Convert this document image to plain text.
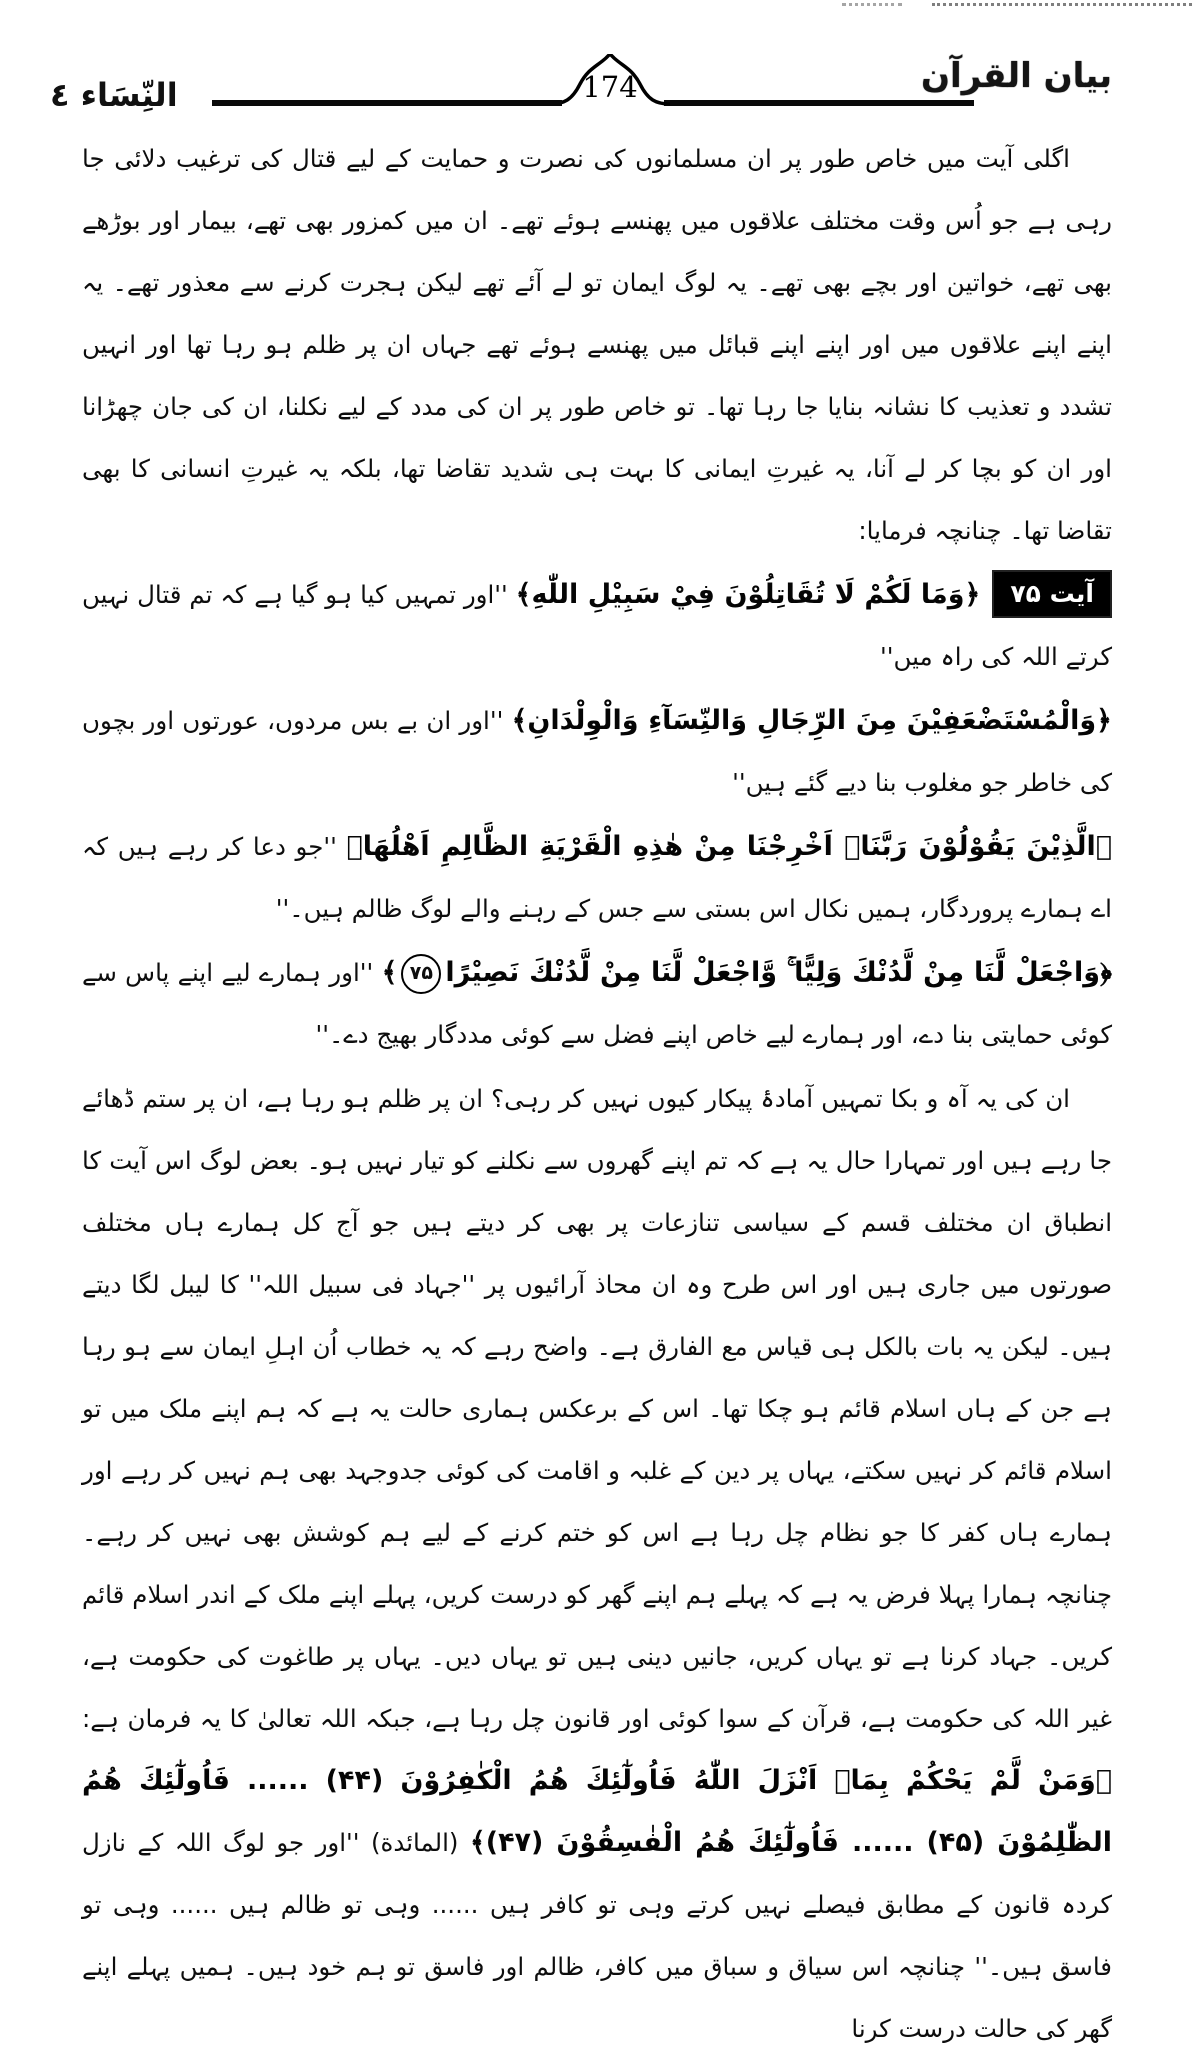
بیان القرآن
174
النِّسَاء ٤

اگلی آیت میں خاص طور پر ان مسلمانوں کی نصرت و حمایت کے لیے قتال کی ترغیب دلائی جا رہی ہے جو اُس وقت مختلف علاقوں میں پھنسے ہوئے تھے۔ ان میں کمزور بھی تھے، بیمار اور بوڑھے بھی تھے، خواتین اور بچے بھی تھے۔ یہ لوگ ایمان تو لے آئے تھے لیکن ہجرت کرنے سے معذور تھے۔ یہ اپنے اپنے علاقوں میں اور اپنے اپنے قبائل میں پھنسے ہوئے تھے جہاں ان پر ظلم ہو رہا تھا اور انہیں تشدد و تعذیب کا نشانہ بنایا جا رہا تھا۔ تو خاص طور پر ان کی مدد کے لیے نکلنا، ان کی جان چھڑانا اور ان کو بچا کر لے آنا، یہ غیرتِ ایمانی کا بہت ہی شدید تقاضا تھا، بلکہ یہ غیرتِ انسانی کا بھی تقاضا تھا۔ چنانچہ فرمایا:

آیت ۷۵﴿وَمَا لَكُمْ لَا تُقَاتِلُوْنَ فِيْ سَبِيْلِ اللّٰهِ﴾ ''اور تمہیں کیا ہو گیا ہے کہ تم قتال نہیں کرتے اللہ کی راہ میں''
﴿وَالْمُسْتَضْعَفِيْنَ مِنَ الرِّجَالِ وَالنِّسَآءِ وَالْوِلْدَانِ﴾ ''اور ان بے بس مردوں، عورتوں اور بچوں کی خاطر جو مغلوب بنا دیے گئے ہیں''
﴿الَّذِيْنَ يَقُوْلُوْنَ رَبَّنَاۤ اَخْرِجْنَا مِنْ هٰذِهِ الْقَرْيَةِ الظَّالِمِ اَهْلُهَا﴾ ''جو دعا کر رہے ہیں کہ اے ہمارے پروردگار، ہمیں نکال اس بستی سے جس کے رہنے والے لوگ ظالم ہیں۔''
﴿وَاجْعَلْ لَّنَا مِنْ لَّدُنْكَ وَلِيًّا ۚ وَّاجْعَلْ لَّنَا مِنْ لَّدُنْكَ نَصِيْرًا۷۵﴾ ''اور ہمارے لیے اپنے پاس سے کوئی حمایتی بنا دے، اور ہمارے لیے خاص اپنے فضل سے کوئی مددگار بھیج دے۔''

ان کی یہ آہ و بکا تمہیں آمادۂ پیکار کیوں نہیں کر رہی؟ ان پر ظلم ہو رہا ہے، ان پر ستم ڈھائے جا رہے ہیں اور تمہارا حال یہ ہے کہ تم اپنے گھروں سے نکلنے کو تیار نہیں ہو۔ بعض لوگ اس آیت کا انطباق ان مختلف قسم کے سیاسی تنازعات پر بھی کر دیتے ہیں جو آج کل ہمارے ہاں مختلف صورتوں میں جاری ہیں اور اس طرح وہ ان محاذ آرائیوں پر ''جہاد فی سبیل اللہ'' کا لیبل لگا دیتے ہیں۔ لیکن یہ بات بالکل ہی قیاس مع الفارق ہے۔ واضح رہے کہ یہ خطاب اُن اہلِ ایمان سے ہو رہا ہے جن کے ہاں اسلام قائم ہو چکا تھا۔ اس کے برعکس ہماری حالت یہ ہے کہ ہم اپنے ملک میں تو اسلام قائم کر نہیں سکتے، یہاں پر دین کے غلبہ و اقامت کی کوئی جدوجہد بھی ہم نہیں کر رہے اور ہمارے ہاں کفر کا جو نظام چل رہا ہے اس کو ختم کرنے کے لیے ہم کوشش بھی نہیں کر رہے۔ چنانچہ ہمارا پہلا فرض یہ ہے کہ پہلے ہم اپنے گھر کو درست کریں، پہلے اپنے ملک کے اندر اسلام قائم کریں۔ جہاد کرنا ہے تو یہاں کریں، جانیں دینی ہیں تو یہاں دیں۔ یہاں پر طاغوت کی حکومت ہے، غیر اللہ کی حکومت ہے، قرآن کے سوا کوئی اور قانون چل رہا ہے، جبکہ اللہ تعالیٰ کا یہ فرمان ہے: ﴿وَمَنْ لَّمْ يَحْكُمْ بِمَاۤ اَنْزَلَ اللّٰهُ فَاُولٰٓئِكَ هُمُ الْكٰفِرُوْنَ (۴۴) ...... فَاُولٰٓئِكَ هُمُ الظّٰلِمُوْنَ (۴۵) ...... فَاُولٰٓئِكَ هُمُ الْفٰسِقُوْنَ (۴۷)﴾ (المائدة) ''اور جو لوگ اللہ کے نازل کردہ قانون کے مطابق فیصلے نہیں کرتے وہی تو کافر ہیں ...... وہی تو ظالم ہیں ...... وہی تو فاسق ہیں۔'' چنانچہ اس سیاق و سباق میں کافر، ظالم اور فاسق تو ہم خود ہیں۔ ہمیں پہلے اپنے گھر کی حالت درست کرنا
